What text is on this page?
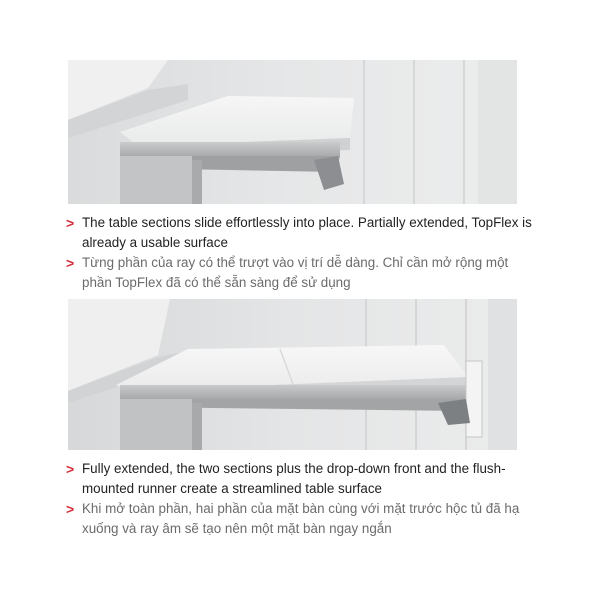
> The table sections slide effortlessly into place. Partially extended, TopFlex is already a usable surface

> Từng phần của ray có thể trượt vào vị trí dễ dàng. Chỉ cần mở rộng một phần TopFlex đã có thể sẵn sàng để sử dụng

> Fully extended, the two sections plus the drop-down front and the flush-mounted runner create a streamlined table surface

> Khi mở toàn phần, hai phần của mặt bàn cùng với mặt trước hộc tủ đã hạ xuống và ray âm sẽ tạo nên một mặt bàn ngay ngắn
